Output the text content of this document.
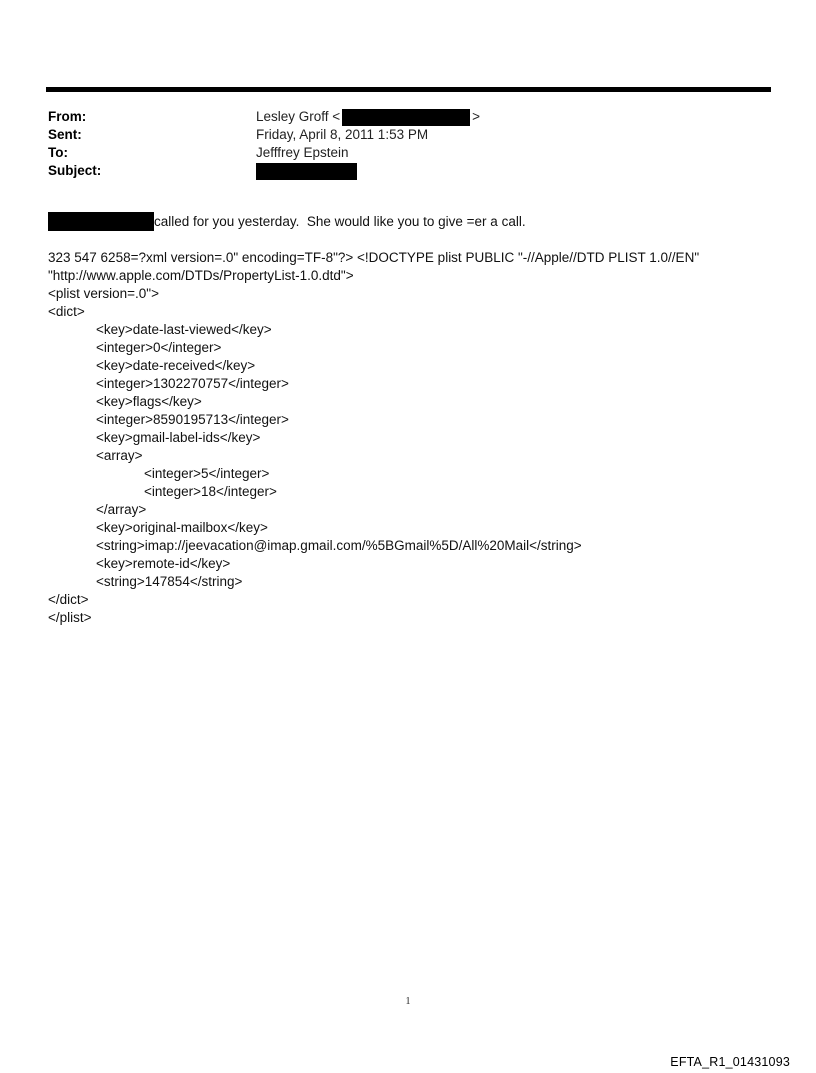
From:	Lesley Groff <	>
Sent:	Friday, April 8, 2011 1:53 PM
To:	Jefffrey Epstein
Subject:
called for you yesterday.  She would like you to give =er a call.
323 547 6258=?xml version=.0" encoding=TF-8"?> <!DOCTYPE plist PUBLIC "-//Apple//DTD PLIST 1.0//EN"
"http://www.apple.com/DTDs/PropertyList-1.0.dtd">
<plist version=.0">
<dict>
<key>date-last-viewed</key>
<integer>0</integer>
<key>date-received</key>
<integer>1302270757</integer>
<key>flags</key>
<integer>8590195713</integer>
<key>gmail-label-ids</key>
<array>
<integer>5</integer>
<integer>18</integer>
</array>
<key>original-mailbox</key>
<string>imap://jeevacation@imap.gmail.com/%5BGmail%5D/All%20Mail</string>
<key>remote-id</key>
<string>147854</string>
</dict>
</plist>
1
EFTA_R1_01431093
